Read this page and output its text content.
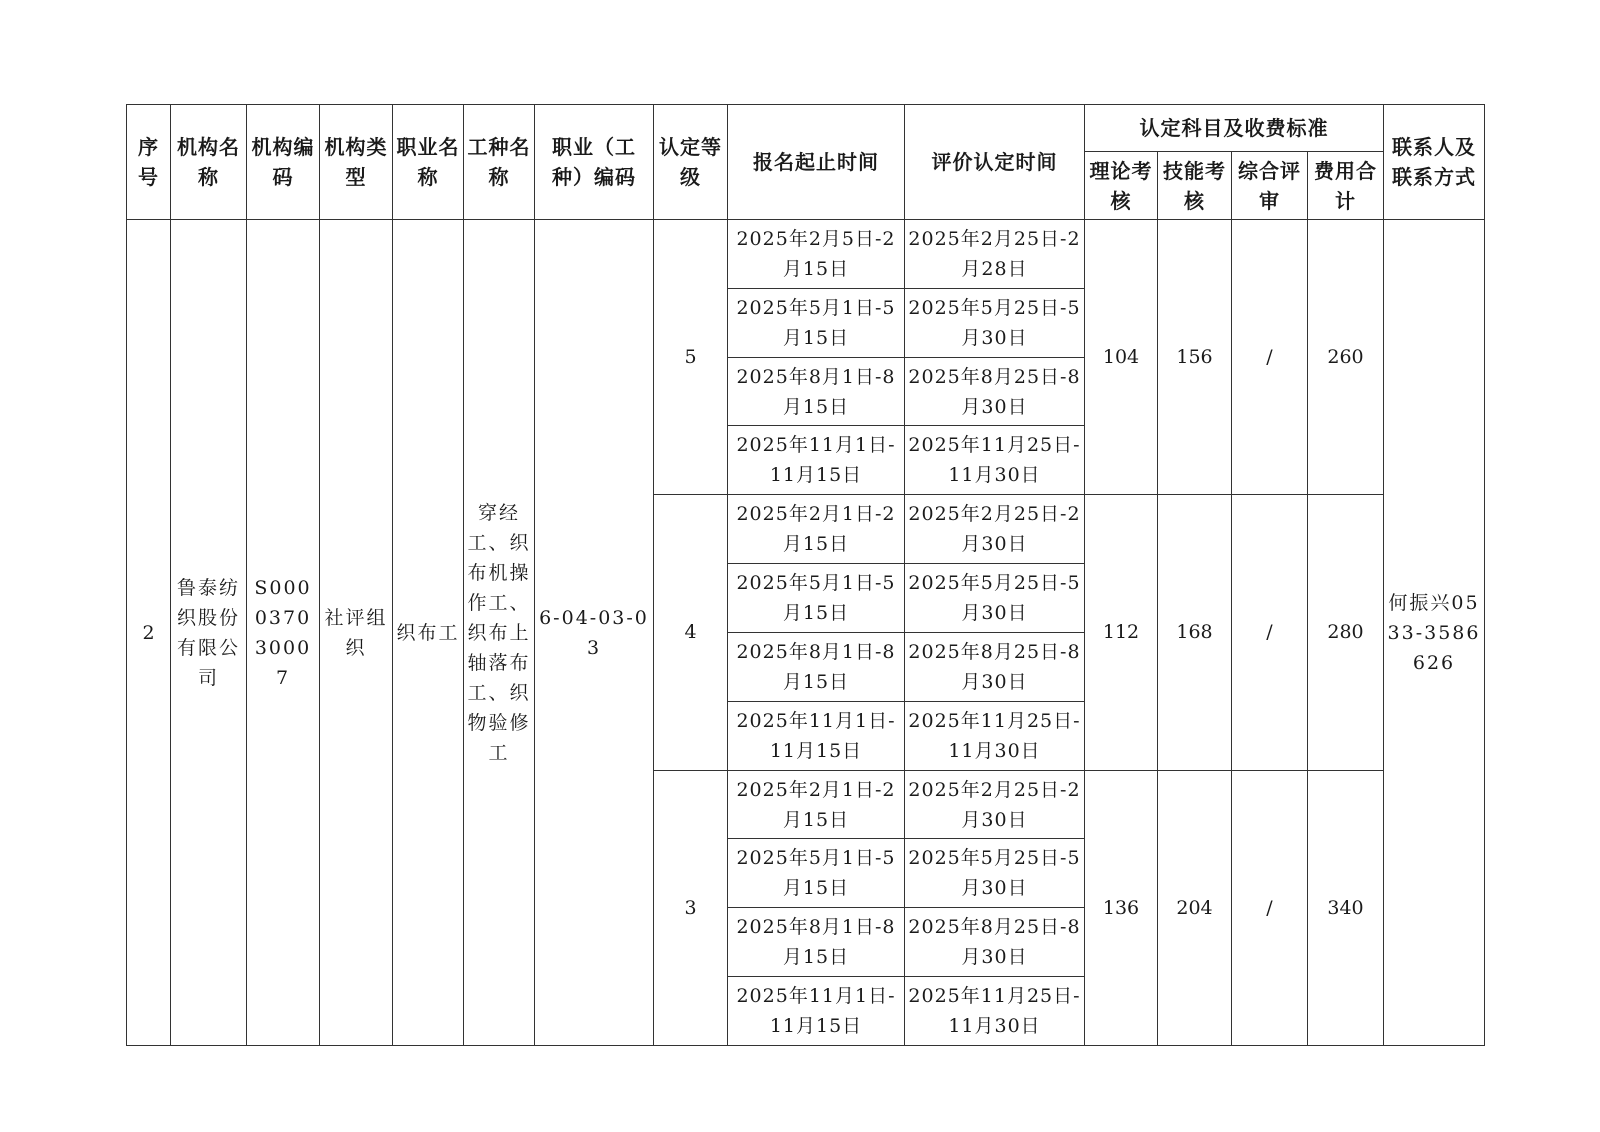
序号	机构名称	机构编码	机构类型	职业名称	工种名称	职业（工种）编码	认定等级	报名起止时间	评价认定时间	认定科目及收费标准				联系人及联系方式
										理论考核	技能考核	综合评审	费用合计	
2	鲁泰纺织股份有限公司	S000037030007	社评组织	织布工	穿经工、织布机操作工、织布上轴落布工、织物验修工	6-04-03-03	5	2025年2月5日-2月15日	2025年2月25日-2月28日	104	156	/	260	何振兴0533-3586626
								2025年5月1日-5月15日	2025年5月25日-5月30日					
								2025年8月1日-8月15日	2025年8月25日-8月30日					
								2025年11月1日-11月15日	2025年11月25日-11月30日					
							4	2025年2月1日-2月15日	2025年2月25日-2月30日	112	168	/	280	
								2025年5月1日-5月15日	2025年5月25日-5月30日					
								2025年8月1日-8月15日	2025年8月25日-8月30日					
								2025年11月1日-11月15日	2025年11月25日-11月30日					
							3	2025年2月1日-2月15日	2025年2月25日-2月30日	136	204	/	340	
								2025年5月1日-5月15日	2025年5月25日-5月30日					
								2025年8月1日-8月15日	2025年8月25日-8月30日					
								2025年11月1日-11月15日	2025年11月25日-11月30日					
